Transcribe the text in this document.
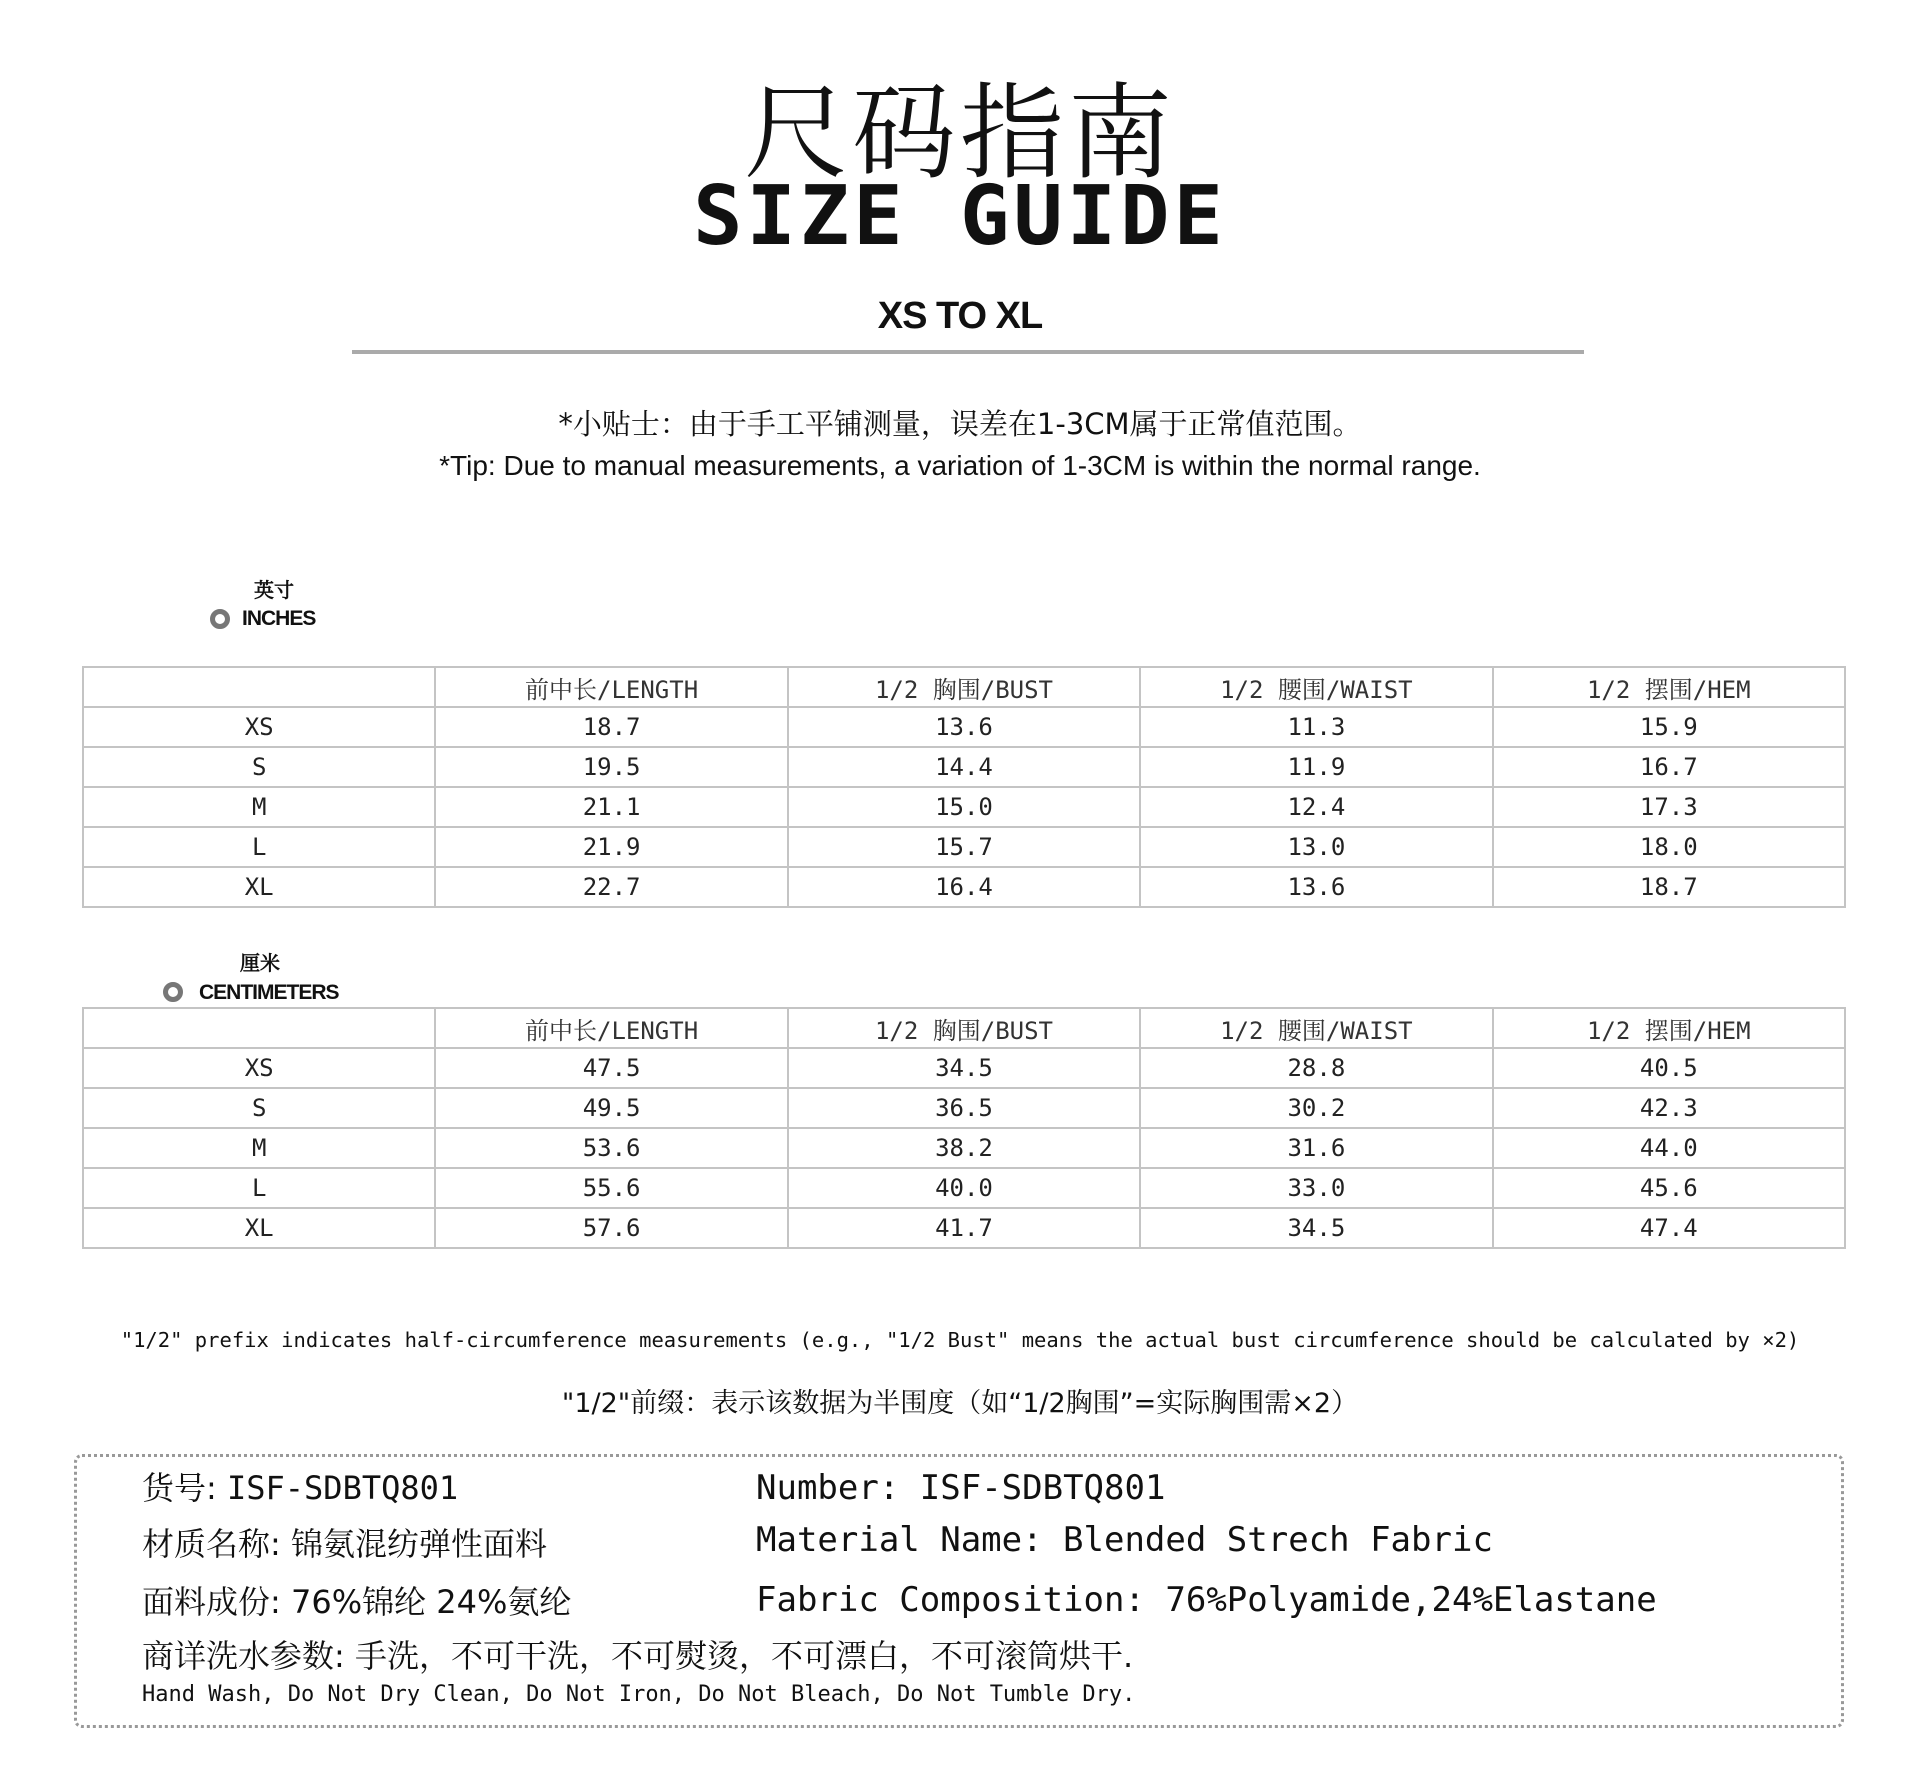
尺码指南
SIZE GUIDE
XS TO XL
*小贴士：由于手工平铺测量，误差在1-3CM属于正常值范围。
*Tip: Due to manual measurements, a variation of 1-3CM is within the normal range.
英寸
INCHES
	前中长/LENGTH	1/2 胸围/BUST	1/2 腰围/WAIST	1/2 摆围/HEM
XS	18.7	13.6	11.3	15.9
S	19.5	14.4	11.9	16.7
M	21.1	15.0	12.4	17.3
L	21.9	15.7	13.0	18.0
XL	22.7	16.4	13.6	18.7
厘米
CENTIMETERS
	前中长/LENGTH	1/2 胸围/BUST	1/2 腰围/WAIST	1/2 摆围/HEM
XS	47.5	34.5	28.8	40.5
S	49.5	36.5	30.2	42.3
M	53.6	38.2	31.6	44.0
L	55.6	40.0	33.0	45.6
XL	57.6	41.7	34.5	47.4
"1/2" prefix indicates half-circumference measurements (e.g., "1/2 Bust" means the actual bust circumference should be calculated by ×2)
"1/2"前缀：表示该数据为半围度（如“1/2胸围”=实际胸围需×2）
货号: ISF-SDBTQ801
材质名称: 锦氨混纺弹性面料
面料成份: 76%锦纶 24%氨纶
Number: ISF-SDBTQ801
Material Name: Blended Strech Fabric
Fabric Composition: 76%Polyamide,24%Elastane
商详洗水参数: 手洗，不可干洗，不可熨烫，不可漂白，不可滚筒烘干.
Hand Wash, Do Not Dry Clean, Do Not Iron, Do Not Bleach, Do Not Tumble Dry.
